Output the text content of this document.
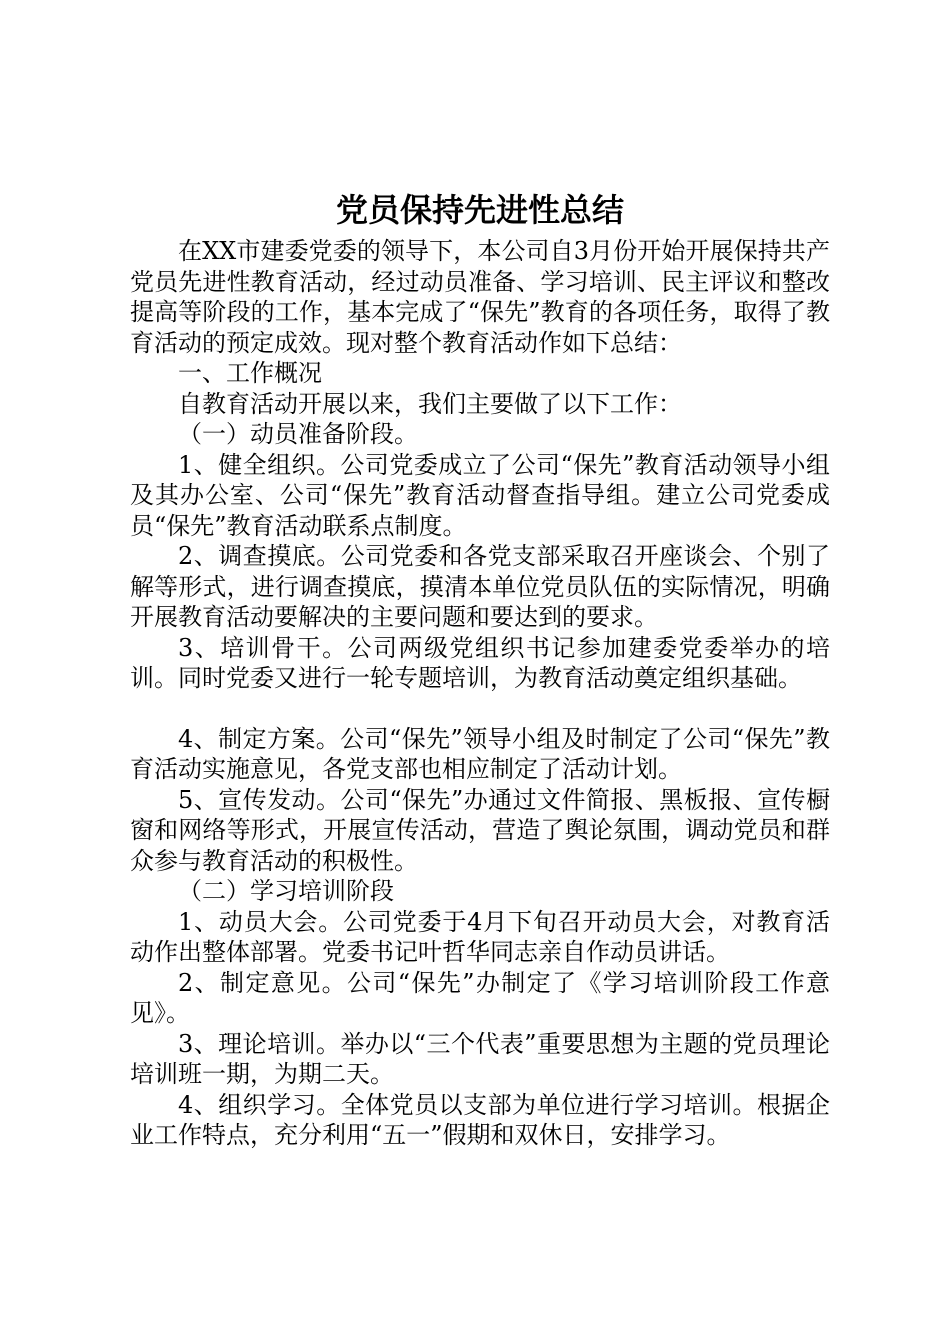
党员保持先进性总结

在XX市建委党委的领导下，本公司自3月份开始开展保持共产党员先进性教育活动，经过动员准备、学习培训、民主评议和整改提高等阶段的工作，基本完成了“保先”教育的各项任务，取得了教育活动的预定成效。现对整个教育活动作如下总结：

一、工作概况

自教育活动开展以来，我们主要做了以下工作：

（一）动员准备阶段。

1、健全组织。公司党委成立了公司“保先”教育活动领导小组及其办公室、公司“保先”教育活动督查指导组。建立公司党委成员“保先”教育活动联系点制度。

2、调查摸底。公司党委和各党支部采取召开座谈会、个别了解等形式，进行调查摸底，摸清本单位党员队伍的实际情况，明确开展教育活动要解决的主要问题和要达到的要求。

3、培训骨干。公司两级党组织书记参加建委党委举办的培训。同时党委又进行一轮专题培训，为教育活动奠定组织基础。

4、制定方案。公司“保先”领导小组及时制定了公司“保先”教育活动实施意见，各党支部也相应制定了活动计划。

5、宣传发动。公司“保先”办通过文件简报、黑板报、宣传橱窗和网络等形式，开展宣传活动，营造了舆论氛围，调动党员和群众参与教育活动的积极性。

（二）学习培训阶段

1、动员大会。公司党委于4月下旬召开动员大会，对教育活动作出整体部署。党委书记叶哲华同志亲自作动员讲话。

2、制定意见。公司“保先”办制定了《学习培训阶段工作意见》。

3、理论培训。举办以“三个代表”重要思想为主题的党员理论培训班一期，为期二天。

4、组织学习。全体党员以支部为单位进行学习培训。根据企业工作特点，充分利用“五一”假期和双休日，安排学习。
